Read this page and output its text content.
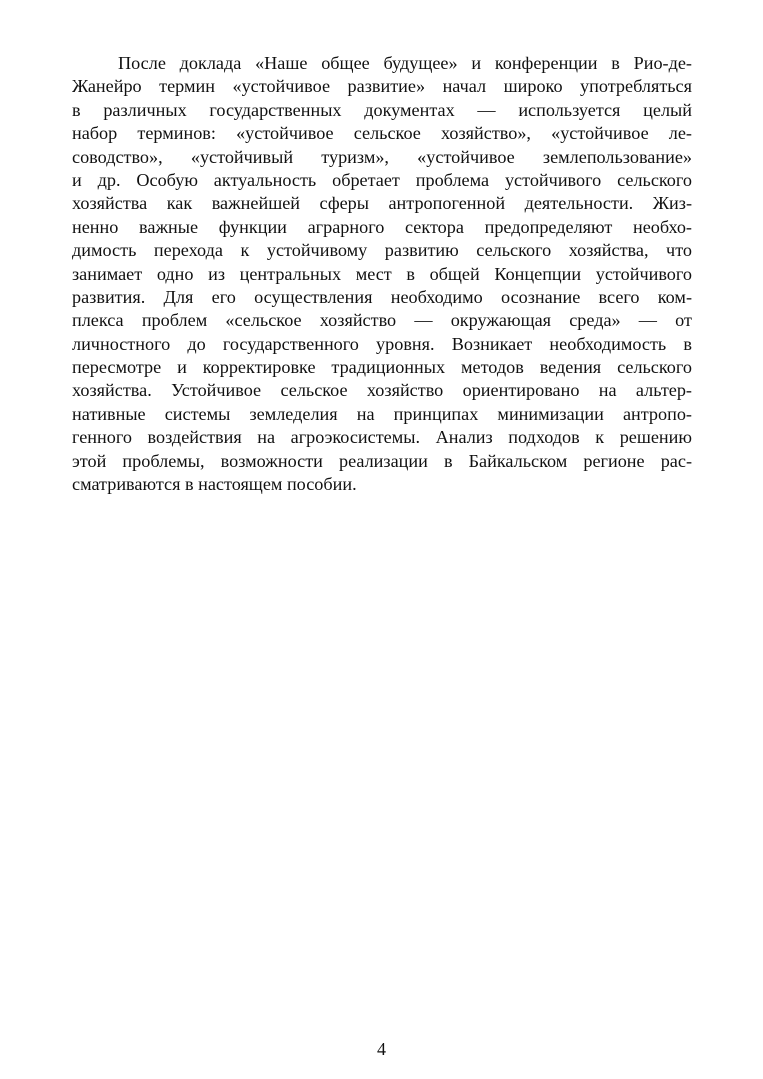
После доклада «Наше общее будущее» и конференции в Рио-де-
Жанейро термин «устойчивое развитие» начал широко употребляться
в различных государственных документах — используется целый
набор терминов: «устойчивое сельское хозяйство», «устойчивое ле-
соводство», «устойчивый туризм», «устойчивое землепользование»
и др. Особую актуальность обретает проблема устойчивого сельского
хозяйства как важнейшей сферы антропогенной деятельности. Жиз-
ненно важные функции аграрного сектора предопределяют необхо-
димость перехода к устойчивому развитию сельского хозяйства, что
занимает одно из центральных мест в общей Концепции устойчивого
развития. Для его осуществления необходимо осознание всего ком-
плекса проблем «сельское хозяйство — окружающая среда» — от
личностного до государственного уровня. Возникает необходимость в
пересмотре и корректировке традиционных методов ведения сельского
хозяйства. Устойчивое сельское хозяйство ориентировано на альтер-
нативные системы земледелия на принципах минимизации антропо-
генного воздействия на агроэкосистемы. Анализ подходов к решению
этой проблемы, возможности реализации в Байкальском регионе рас-
сматриваются в настоящем пособии.
4
